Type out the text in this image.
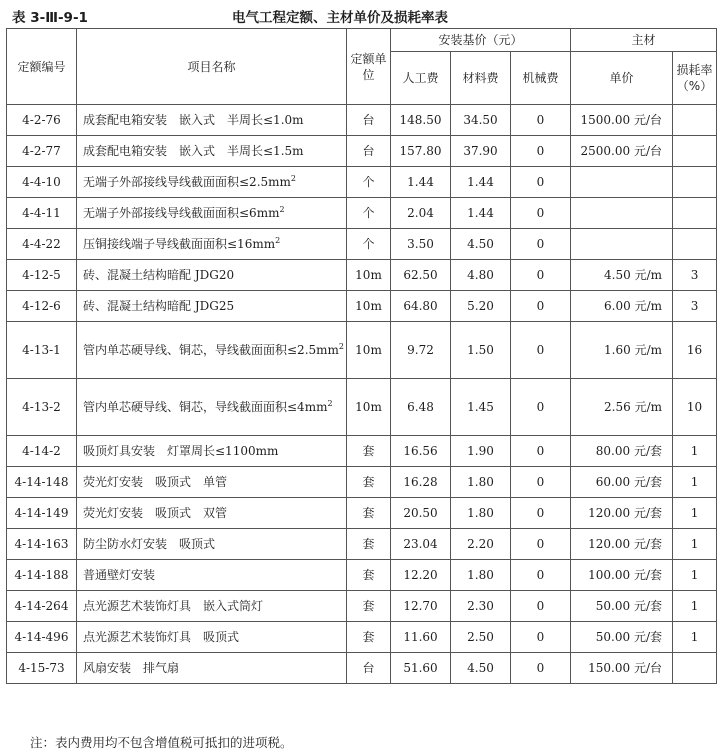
表 3-Ⅲ-9-1	电气工程定额、主材单价及损耗率表
定额编号	项目名称	定额单位	安装基价（元）			主材	
			人工费	材料费	机械费	单价	损耗率（%）
4-2-76	成套配电箱安装　嵌入式　半周长≤1.0m	台	148.50	34.50	0	1500.00 元/台	
4-2-77	成套配电箱安装　嵌入式　半周长≤1.5m	台	157.80	37.90	0	2500.00 元/台	
4-4-10	无端子外部接线导线截面面积$\le 2.5mm^2$	个	1.44	1.44	0		
4-4-11	无端子外部接线导线截面面积$\le 6mm^2$	个	2.04	1.44	0		
4-4-22	压铜接线端子导线截面面积$\le 16mm^2$	个	3.50	4.50	0		
4-12-5	砖、混凝土结构暗配 JDG20	10m	62.50	4.80	0	4.50 元/m	3
4-12-6	砖、混凝土结构暗配 JDG25	10m	64.80	5.20	0	6.00 元/m	3
4-13-1	管内单芯硬导线、铜芯，导线截面面积$\le 2.5mm^2$	10m	9.72	1.50	0	1.60 元/m	16
4-13-2	管内单芯硬导线、铜芯，导线截面面积$\le 4mm^2$	10m	6.48	1.45	0	2.56 元/m	10
4-14-2	吸顶灯具安装　灯罩周长≤1100mm	套	16.56	1.90	0	80.00 元/套	1
4-14-148	荧光灯安装　吸顶式　单管	套	16.28	1.80	0	60.00 元/套	1
4-14-149	荧光灯安装　吸顶式　双管	套	20.50	1.80	0	120.00 元/套	1
4-14-163	防尘防水灯安装　吸顶式	套	23.04	2.20	0	120.00 元/套	1
4-14-188	普通壁灯安装	套	12.20	1.80	0	100.00 元/套	1
4-14-264	点光源艺术装饰灯具　嵌入式筒灯	套	12.70	2.30	0	50.00 元/套	1
4-14-496	点光源艺术装饰灯具　吸顶式	套	11.60	2.50	0	50.00 元/套	1
4-15-73	风扇安装　排气扇	台	51.60	4.50	0	150.00 元/台	
注：表内费用均不包含增值税可抵扣的进项税。
